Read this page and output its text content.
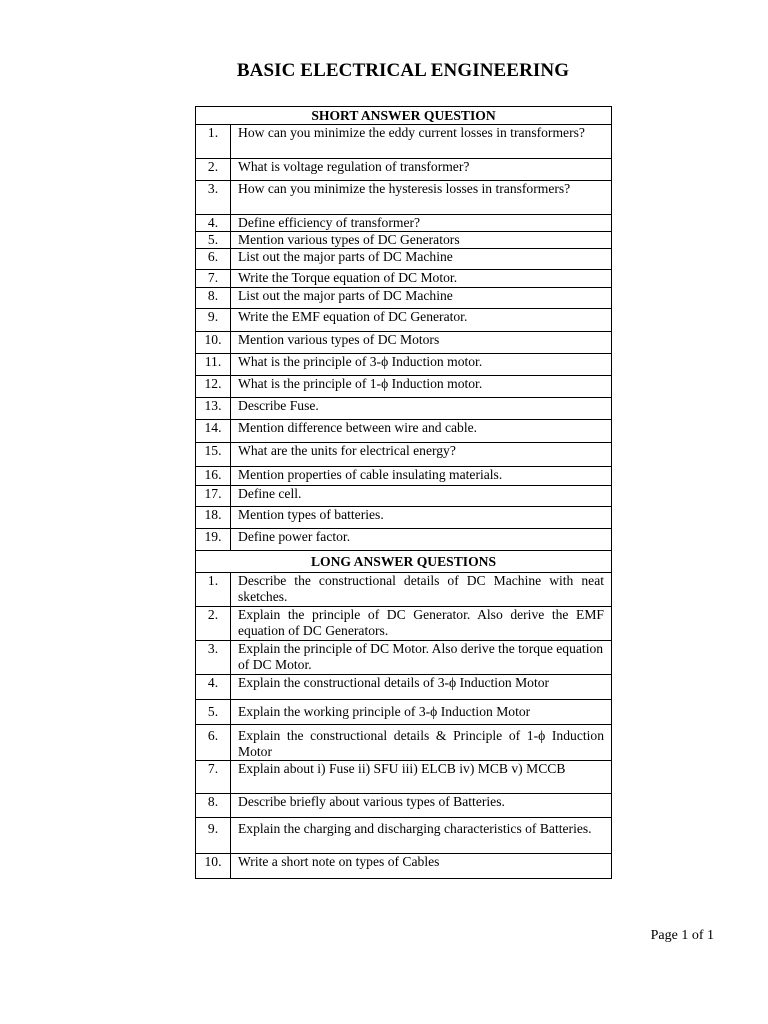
BASIC ELECTRICAL ENGINEERING
SHORT ANSWER QUESTION	
1.	How can you minimize the eddy current losses in transformers?
2.	What is voltage regulation of transformer?
3.	How can you minimize the hysteresis losses in transformers?
4.	Define efficiency of transformer?
5.	Mention various types of DC Generators
6.	List out the major parts of DC Machine
7.	Write the Torque equation of DC Motor.
8.	List out the major parts of DC Machine
9.	Write the EMF equation of DC Generator.
10.	Mention various types of DC Motors
11.	What is the principle of 3-ϕ Induction motor.
12.	What is the principle of 1-ϕ Induction motor.
13.	Describe Fuse.
14.	Mention difference between wire and cable.
15.	What are the units for electrical energy?
16.	Mention properties of cable insulating materials.
17.	Define cell.
18.	Mention types of batteries.
19.	Define power factor.
LONG ANSWER QUESTIONS	
1.	Describe the constructional details of DC Machine with neat sketches.
2.	Explain the principle of DC Generator. Also derive the EMF equation of DC Generators.
3.	Explain the principle of DC Motor. Also derive the torque equation of DC Motor.
4.	Explain the constructional details of 3-ϕ Induction Motor
5.	Explain the working principle of 3-ϕ Induction Motor
6.	Explain the constructional details & Principle of 1-ϕ Induction Motor
7.	Explain about i) Fuse ii) SFU iii) ELCB iv) MCB v) MCCB
8.	Describe briefly about various types of Batteries.
9.	Explain the charging and discharging characteristics of Batteries.
10.	Write a short note on types of Cables
Page 1 of 1
